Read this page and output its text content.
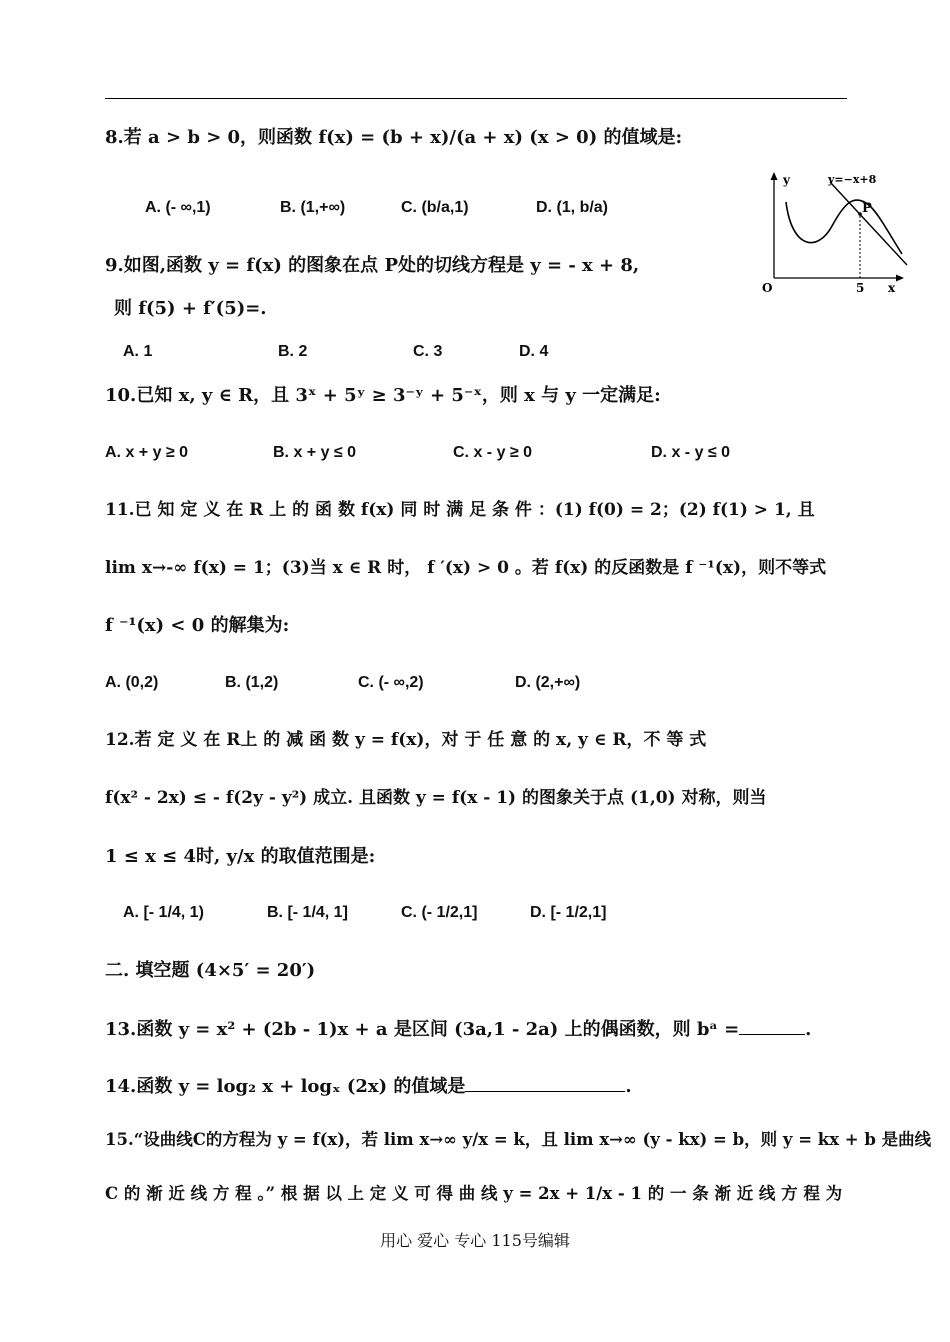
8.若 a > b > 0，则函数 f(x) = (b + x)/(a + x) (x > 0) 的值域是:
A. (- ∞,1)	B. (1,+∞)	C. (b/a,1)	D. (1, b/a)
9.如图,函数 y = f(x) 的图象在点 P处的切线方程是 y = - x + 8,
则 f(5) + f′(5)=.
A. 1	B. 2	C. 3	D. 4
y	y=−x+8
P
O	5 x
10.已知 x, y ∈ R，且 3ˣ + 5ʸ ≥ 3⁻ʸ + 5⁻ˣ，则 x 与 y 一定满足:
A. x + y ≥ 0	B. x + y ≤ 0	C. x - y ≥ 0	D. x - y ≤ 0
11.已 知 定 义 在 R 上 的 函 数 f(x) 同 时 满 足 条 件 ：(1) f(0) = 2；(2) f(1) > 1, 且
lim x→-∞ f(x) = 1；(3)当 x ∈ R 时， f ′(x) > 0 。若 f(x) 的反函数是 f ⁻¹(x)，则不等式
f ⁻¹(x) < 0 的解集为:
A. (0,2)	B. (1,2)	C. (- ∞,2)	D. (2,+∞)
12.若 定 义 在 R上 的 减 函 数 y = f(x)，对 于 任 意 的 x, y ∈ R，不 等 式
f(x² - 2x) ≤ - f(2y - y²) 成立. 且函数 y = f(x - 1) 的图象关于点 (1,0) 对称，则当
1 ≤ x ≤ 4时, y/x 的取值范围是:
A. [- 1/4, 1)	B. [- 1/4, 1]	C. (- 1/2,1]	D. [- 1/2,1]
二. 填空题 (4×5′ = 20′)
13.函数 y = x² + (2b - 1)x + a 是区间 (3a,1 - 2a) 上的偶函数，则 bᵃ =	.
14.函数 y = log₂ x + logₓ (2x) 的值域是	.
15.“设曲线C的方程为 y = f(x)，若 lim x→∞ y/x = k，且 lim x→∞ (y - kx) = b，则 y = kx + b 是曲线
C 的 渐 近 线 方 程 。” 根 据 以 上 定 义 可 得 曲 线 y = 2x + 1/x - 1 的 一 条 渐 近 线 方 程 为
用心 爱心 专心 115号编辑
